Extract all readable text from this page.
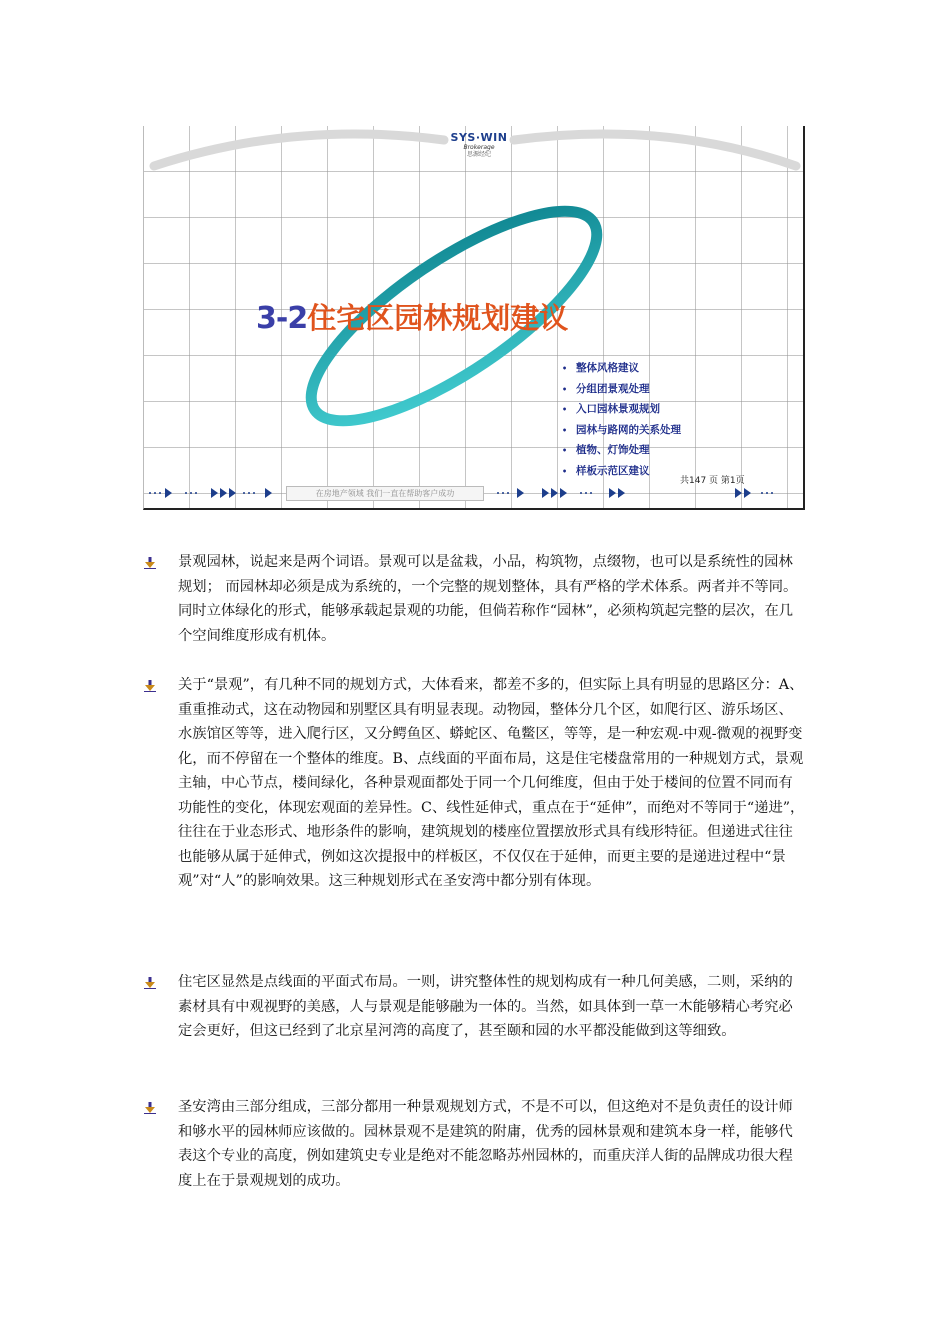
SYS·WIN
Brokerage
思源经纪
3-2住宅区园林规划建议
• 整体风格建议
• 分组团景观处理
• 入口园林景观规划
• 园林与路网的关系处理
• 植物、灯饰处理
• 样板示范区建议
共147 页 第1页
在房地产领域 我们一直在帮助客户成功

景观园林，说起来是两个词语。景观可以是盆栽，小品，构筑物，点缀物，也可以是系统性的园林规划； 而园林却必须是成为系统的，一个完整的规划整体，具有严格的学术体系。两者并不等同。同时立体绿化的形式，能够承载起景观的功能，但倘若称作“园林”，必须构筑起完整的层次，在几个空间维度形成有机体。

关于“景观”，有几种不同的规划方式，大体看来，都差不多的，但实际上具有明显的思路区分：A、重重推动式，这在动物园和别墅区具有明显表现。动物园，整体分几个区，如爬行区、游乐场区、水族馆区等等，进入爬行区，又分鳄鱼区、蟒蛇区、龟鳖区，等等，是一种宏观-中观-微观的视野变化，而不停留在一个整体的维度。B、点线面的平面布局，这是住宅楼盘常用的一种规划方式，景观主轴，中心节点，楼间绿化，各种景观面都处于同一个几何维度，但由于处于楼间的位置不同而有功能性的变化，体现宏观面的差异性。C、线性延伸式，重点在于“延伸”，而绝对不等同于“递进”，往往在于业态形式、地形条件的影响，建筑规划的楼座位置摆放形式具有线形特征。但递进式往往也能够从属于延伸式，例如这次提报中的样板区，不仅仅在于延伸，而更主要的是递进过程中“景观”对“人”的影响效果。这三种规划形式在圣安湾中都分别有体现。

住宅区显然是点线面的平面式布局。一则，讲究整体性的规划构成有一种几何美感，二则，采纳的素材具有中观视野的美感，人与景观是能够融为一体的。当然，如具体到一草一木能够精心考究必定会更好，但这已经到了北京星河湾的高度了，甚至颐和园的水平都没能做到这等细致。

圣安湾由三部分组成，三部分都用一种景观规划方式，不是不可以，但这绝对不是负责任的设计师和够水平的园林师应该做的。园林景观不是建筑的附庸，优秀的园林景观和建筑本身一样，能够代表这个专业的高度，例如建筑史专业是绝对不能忽略苏州园林的，而重庆洋人街的品牌成功很大程度上在于景观规划的成功。
